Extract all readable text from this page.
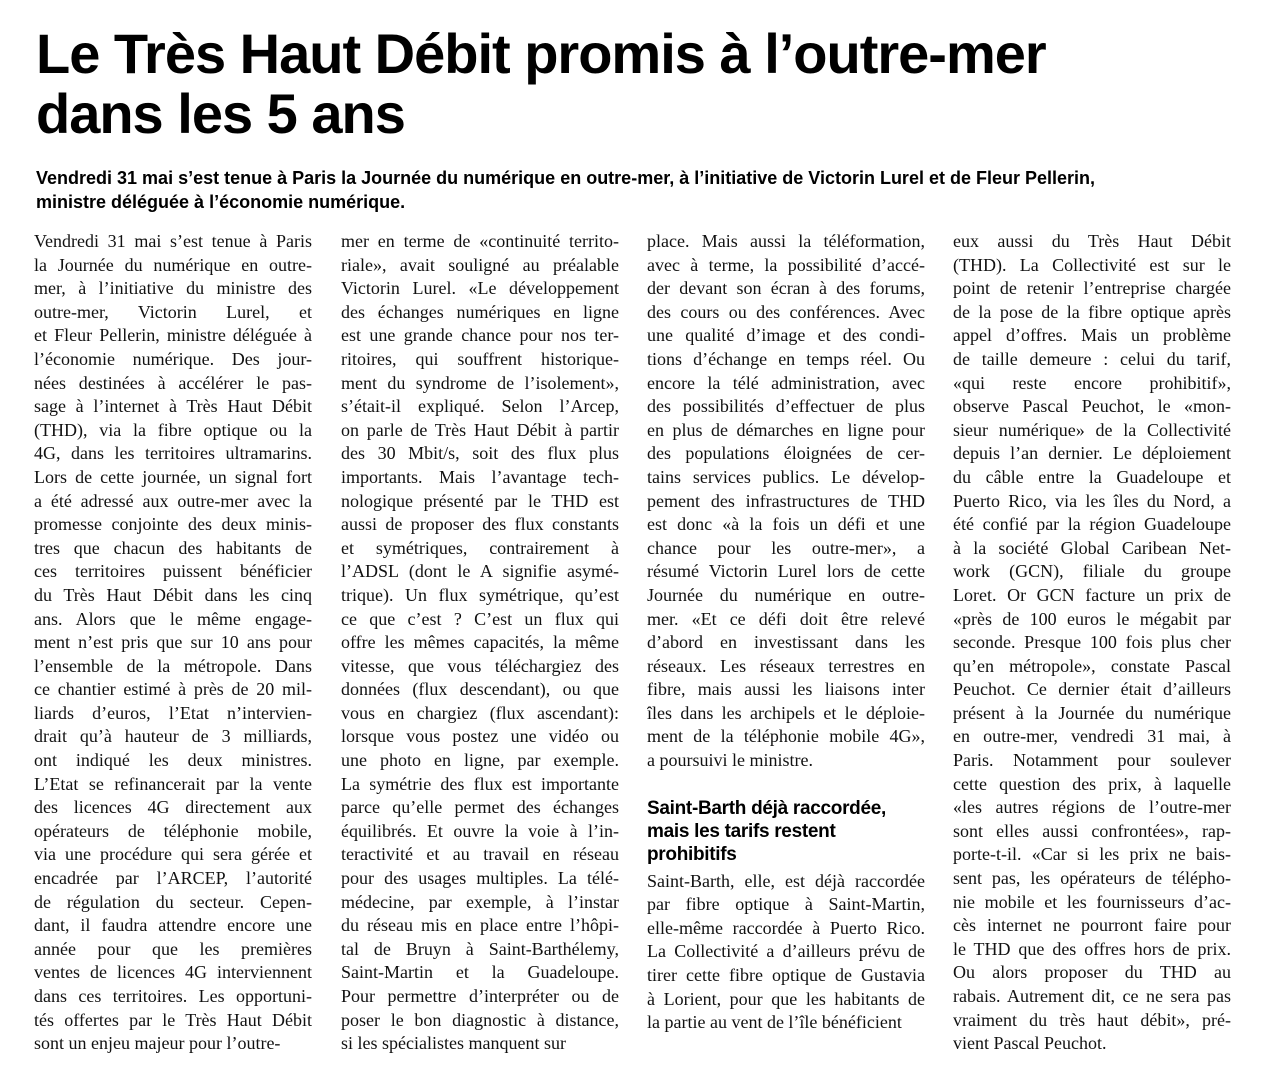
Le Très Haut Débit promis à l’outre-mer
dans les 5 ans
Vendredi 31 mai s’est tenue à Paris la Journée du numérique en outre-mer, à l’initiative de Victorin Lurel et de Fleur Pellerin,
ministre déléguée à l’économie numérique.
Vendredi 31 mai s’est tenue à Paris
la Journée du numérique en outre-
mer, à l’initiative du ministre des
outre-mer, Victorin Lurel, et
et Fleur Pellerin, ministre déléguée à
l’économie numérique. Des jour-
nées destinées à accélérer le pas-
sage à l’internet à Très Haut Débit
(THD), via la fibre optique ou la
4G, dans les territoires ultramarins.
Lors de cette journée, un signal fort
a été adressé aux outre-mer avec la
promesse conjointe des deux minis-
tres que chacun des habitants de
ces territoires puissent bénéficier
du Très Haut Débit dans les cinq
ans. Alors que le même engage-
ment n’est pris que sur 10 ans pour
l’ensemble de la métropole. Dans
ce chantier estimé à près de 20 mil-
liards d’euros, l’Etat n’intervien-
drait qu’à hauteur de 3 milliards,
ont indiqué les deux ministres.
L’Etat se refinancerait par la vente
des licences 4G directement aux
opérateurs de téléphonie mobile,
via une procédure qui sera gérée et
encadrée par l’ARCEP, l’autorité
de régulation du secteur. Cepen-
dant, il faudra attendre encore une
année pour que les premières
ventes de licences 4G interviennent
dans ces territoires. Les opportuni-
tés offertes par le Très Haut Débit
sont un enjeu majeur pour l’outre-
mer en terme de «continuité territo-
riale», avait souligné au préalable
Victorin Lurel. «Le développement
des échanges numériques en ligne
est une grande chance pour nos ter-
ritoires, qui souffrent historique-
ment du syndrome de l’isolement»,
s’était-il expliqué. Selon l’Arcep,
on parle de Très Haut Débit à partir
des 30 Mbit/s, soit des flux plus
importants. Mais l’avantage tech-
nologique présenté par le THD est
aussi de proposer des flux constants
et symétriques, contrairement à
l’ADSL (dont le A signifie asymé-
trique). Un flux symétrique, qu’est
ce que c’est ? C’est un flux qui
offre les mêmes capacités, la même
vitesse, que vous téléchargiez des
données (flux descendant), ou que
vous en chargiez (flux ascendant):
lorsque vous postez une vidéo ou
une photo en ligne, par exemple.
La symétrie des flux est importante
parce qu’elle permet des échanges
équilibrés. Et ouvre la voie à l’in-
teractivité et au travail en réseau
pour des usages multiples. La télé-
médecine, par exemple, à l’instar
du réseau mis en place entre l’hôpi-
tal de Bruyn à Saint-Barthélemy,
Saint-Martin et la Guadeloupe.
Pour permettre d’interpréter ou de
poser le bon diagnostic à distance,
si les spécialistes manquent sur
place. Mais aussi la téléformation,
avec à terme, la possibilité d’accé-
der devant son écran à des forums,
des cours ou des conférences. Avec
une qualité d’image et des condi-
tions d’échange en temps réel. Ou
encore la télé administration, avec
des possibilités d’effectuer de plus
en plus de démarches en ligne pour
des populations éloignées de cer-
tains services publics. Le dévelop-
pement des infrastructures de THD
est donc «à la fois un défi et une
chance pour les outre-mer», a
résumé Victorin Lurel lors de cette
Journée du numérique en outre-
mer. «Et ce défi doit être relevé
d’abord en investissant dans les
réseaux. Les réseaux terrestres en
fibre, mais aussi les liaisons inter
îles dans les archipels et le déploie-
ment de la téléphonie mobile 4G»,
a poursuivi le ministre.
Saint-Barth déjà raccordée,
mais les tarifs restent
prohibitifs
Saint-Barth, elle, est déjà raccordée
par fibre optique à Saint-Martin,
elle-même raccordée à Puerto Rico.
La Collectivité a d’ailleurs prévu de
tirer cette fibre optique de Gustavia
à Lorient, pour que les habitants de
la partie au vent de l’île bénéficient
eux aussi du Très Haut Débit
(THD). La Collectivité est sur le
point de retenir l’entreprise chargée
de la pose de la fibre optique après
appel d’offres. Mais un problème
de taille demeure : celui du tarif,
«qui reste encore prohibitif»,
observe Pascal Peuchot, le «mon-
sieur numérique» de la Collectivité
depuis l’an dernier. Le déploiement
du câble entre la Guadeloupe et
Puerto Rico, via les îles du Nord, a
été confié par la région Guadeloupe
à la société Global Caribean Net-
work (GCN), filiale du groupe
Loret. Or GCN facture un prix de
«près de 100 euros le mégabit par
seconde. Presque 100 fois plus cher
qu’en métropole», constate Pascal
Peuchot. Ce dernier était d’ailleurs
présent à la Journée du numérique
en outre-mer, vendredi 31 mai, à
Paris. Notamment pour soulever
cette question des prix, à laquelle
«les autres régions de l’outre-mer
sont elles aussi confrontées», rap-
porte-t-il. «Car si les prix ne bais-
sent pas, les opérateurs de télépho-
nie mobile et les fournisseurs d’ac-
cès internet ne pourront faire pour
le THD que des offres hors de prix.
Ou alors proposer du THD au
rabais. Autrement dit, ce ne sera pas
vraiment du très haut débit», pré-
vient Pascal Peuchot.
